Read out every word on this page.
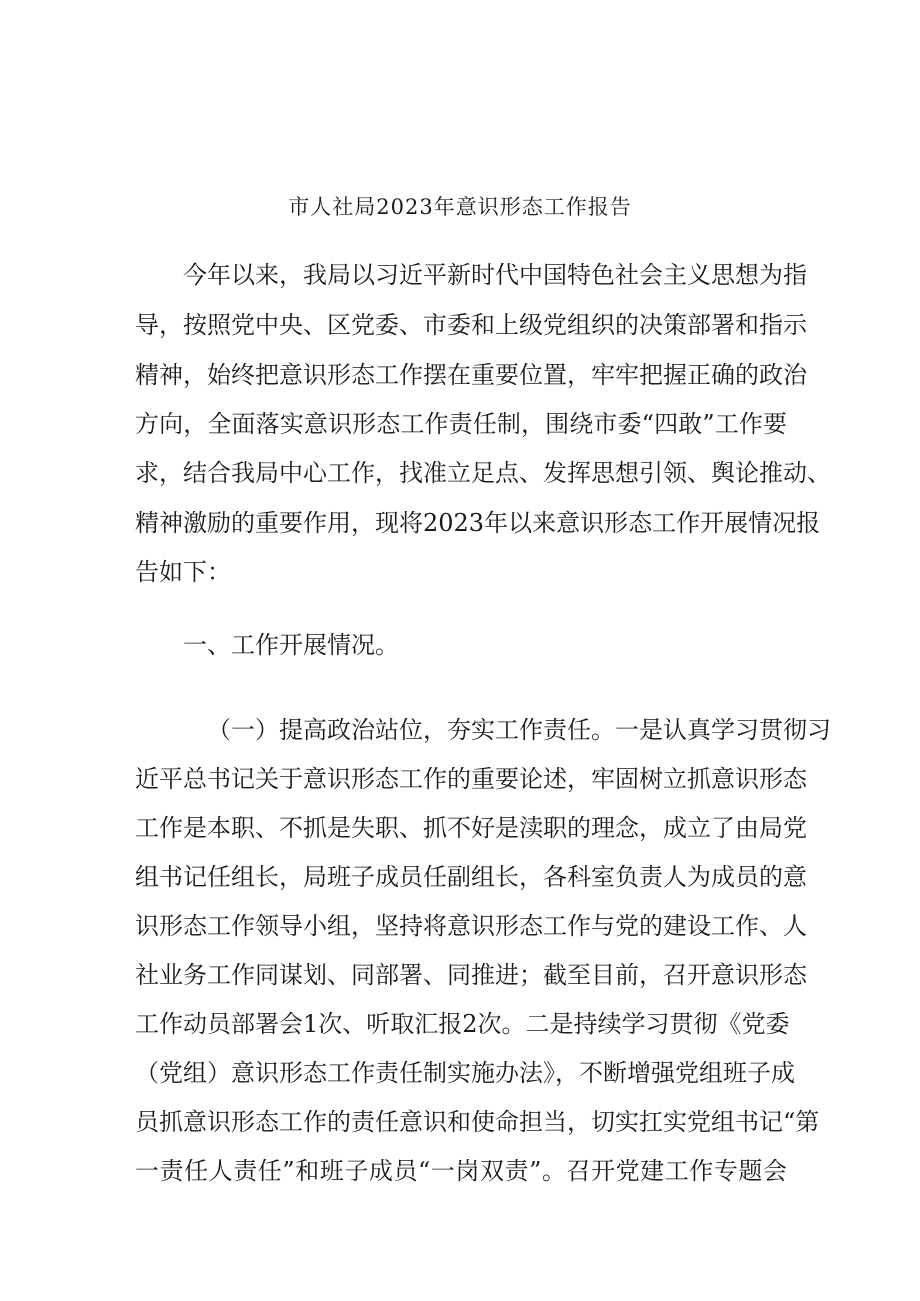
市人社局2023年意识形态工作报告

今年以来，我局以习近平新时代中国特色社会主义思想为指

导，按照党中央、区党委、市委和上级党组织的决策部署和指示

精神，始终把意识形态工作摆在重要位置，牢牢把握正确的政治

方向，全面落实意识形态工作责任制，围绕市委“四敢”工作要

求，结合我局中心工作，找准立足点、发挥思想引领、舆论推动、

精神激励的重要作用，现将2023年以来意识形态工作开展情况报

告如下：

一、工作开展情况。

（一）提高政治站位，夯实工作责任。一是认真学习贯彻习

近平总书记关于意识形态工作的重要论述，牢固树立抓意识形态

工作是本职、不抓是失职、抓不好是渎职的理念，成立了由局党

组书记任组长，局班子成员任副组长，各科室负责人为成员的意

识形态工作领导小组，坚持将意识形态工作与党的建设工作、人

社业务工作同谋划、同部署、同推进；截至目前，召开意识形态

工作动员部署会1次、听取汇报2次。二是持续学习贯彻《党委

（党组）意识形态工作责任制实施办法》，不断增强党组班子成

员抓意识形态工作的责任意识和使命担当，切实扛实党组书记“第

一责任人责任”和班子成员“一岗双责”。召开党建工作专题会
